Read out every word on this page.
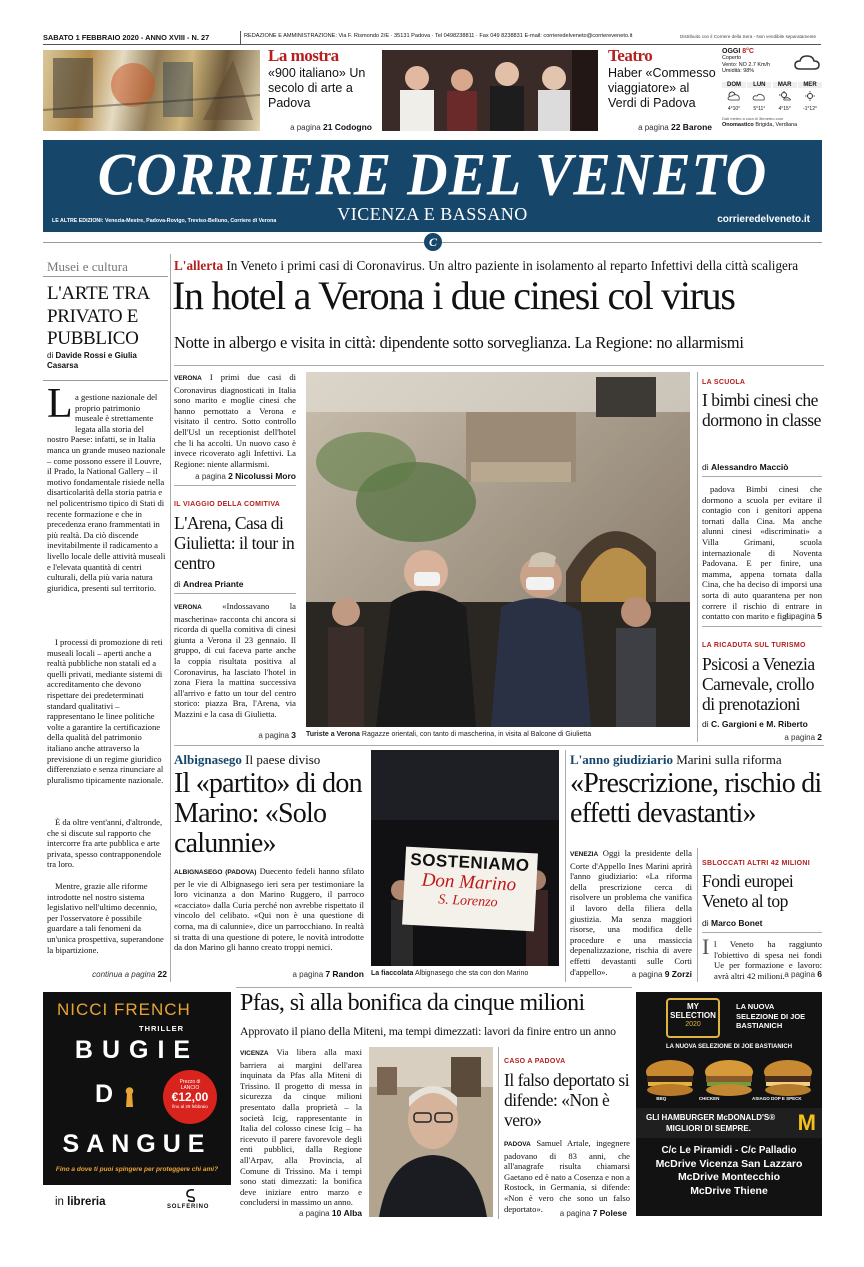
SABATO 1 FEBBRAIO 2020 - ANNO XVIII - N. 27	REDAZIONE E AMMINISTRAZIONE: Via F. Rismondo 2/E · 35131 Padova · Tel 0498238811 · Fax 049 8238831 E-mail: corrieredelveneto@corriereveneto.it	Distribuito con il Corriere della Sera - Non vendibile separatamente
La mostra
«900 italiano» Un secolo di arte a Padova
a pagina 21 Codogno
Teatro
Haber «Commesso viaggiatore» al Verdi di Padova
a pagina 22 Barone
OGGI 8°C
Coperto
Vento: NO 2.7 Km/h
Umidità: 98%
DOM
4°10°
LUN
5°11°
MAR
4°15°
MER
-1°12°
Dati meteo a cura di 3bmeteo.com
Onomastico Brigida, Verdiana
CORRIERE DEL VENETO
VICENZA E BASSANO
LE ALTRE EDIZIONI: Venezia-Mestre, Padova-Rovigo, Treviso-Belluno, Corriere di Verona	corrieredelveneto.it
C
Musei e cultura
L'ARTE TRA PRIVATO E PUBBLICO
di Davide Rossi e Giulia Casarsa
L a gestione nazionale del proprio patrimonio museale è strettamente legata alla storia del nostro Paese: infatti, se in Italia manca un grande museo nazionale – come possono essere il Louvre, il Prado, la National Gallery – il motivo fondamentale risiede nella disarticolarità della storia patria e nel policentrismo tipico di Stati di recente formazione e che in precedenza erano frammentati in più realtà. Da ciò discende inevitabilmente il radicamento a livello locale delle attività museali e l'elevata quantità di centri culturali, della più varia natura giuridica, presenti sul territorio.
I processi di promozione di reti museali locali – aperti anche a realtà pubbliche non statali ed a quelli privati, mediante sistemi di accreditamento che devono rispettare dei predeterminati standard qualitativi – rappresentano le linee politiche volte a garantire la certificazione della qualità del patrimonio italiano anche attraverso la previsione di un regime giuridico differenziato e senza rinunciare al pluralismo tipicamente nazionale.
È da oltre vent'anni, d'altronde, che si discute sul rapporto che intercorre fra arte pubblica e arte privata, spesso contrapponendole tra loro.
Mentre, grazie alle riforme introdotte nel nostro sistema legislativo nell'ultimo decennio, per l'osservatore è possibile guardare a tali fenomeni da un'unica prospettiva, superandone la bipartizione.
continua a pagina 22
L'allerta In Veneto i primi casi di Coronavirus. Un altro paziente in isolamento al reparto Infettivi della città scaligera
In hotel a Verona i due cinesi col virus
Notte in albergo e visita in città: dipendente sotto sorveglianza. La Regione: no allarmismi
VERONA I primi due casi di Coronavirus diagnosticati in Italia sono marito e moglie cinesi che hanno pernottato a Verona e visitato il centro. Sotto controllo dell'Usl un receptionist dell'hotel che li ha accolti. Un nuovo caso è invece ricoverato agli Infettivi. La Regione: niente allarmismi.
a pagina 2 Nicolussi Moro
IL VIAGGIO DELLA COMITIVA
L'Arena, Casa di Giulietta: il tour in centro
di Andrea Priante
VERONA «Indossavano la mascherina» racconta chi ancora si ricorda di quella comitiva di cinesi giunta a Verona il 23 gennaio. Il gruppo, di cui faceva parte anche la coppia risultata positiva al Coronavirus, ha lasciato l'hotel in zona Fiera la mattina successiva all'arrivo e fatto un tour del centro storico: piazza Bra, l'Arena, via Mazzini e la casa di Giulietta.
a pagina 3 Turiste a Verona Ragazze orientali, con tanto di mascherina, in visita al Balcone di Giulietta
LA SCUOLA
I bimbi cinesi che dormono in classe
di Alessandro Macciò
padova Bimbi cinesi che dormono a scuola per evitare il contagio con i genitori appena tornati dalla Cina. Ma anche alunni cinesi «discriminati» a Villa Grimani, scuola internazionale di Noventa Padovana. E per finire, una mamma, appena tornata dalla Cina, che ha deciso di imporsi una sorta di auto quarantena per non correre il rischio di entrare in contatto con marito e figli.
a pagina 5
LA RICADUTA SUL TURISMO
Psicosi a Venezia Carnevale, crollo di prenotazioni
di C. Gargioni e M. Riberto
a pagina 2
Albignasego Il paese diviso
Il «partito» di don Marino: «Solo calunnie»
ALBIGNASEGO (PADOVA) Duecento fedeli hanno sfilato per le vie di Albignasego ieri sera per testimoniare la loro vicinanza a don Marino Ruggero, il parroco «cacciato» dalla Curia perché non avrebbe rispettato il vincolo del celibato. «Qui non è una questione di corna, ma di calunnie», dice un parrocchiano. In realtà si tratta di una questione di potere, le novità introdotte da don Marino gli hanno creato troppi nemici.
a pagina 7 Randon
SOSTENIAMO
Don Marino
S. Lorenzo
La fiaccolata Albignasego che sta con don Marino
L'anno giudiziario Marini sulla riforma
«Prescrizione, rischio di effetti devastanti»
VENEZIA Oggi la presidente della Corte d'Appello Ines Marini aprirà l'anno giudiziario: «La riforma della prescrizione cerca di risolvere un problema che vanifica il lavoro della filiera della giustizia. Ma senza maggiori risorse, una modifica delle procedure e una massiccia depenalizzazione, rischia di avere effetti devastanti sulle Corti d'appello».	a pagina 9 Zorzi
SBLOCCATI ALTRI 42 MILIONI
Fondi europei Veneto al top
di Marco Bonet
I l Veneto ha raggiunto l'obiettivo di spesa nei fondi Ue per formazione e lavoro: avrà altri 42 milioni. a pagina 6
NICCI FRENCH
THRILLER
BUGIE
D	Prezzo di LANCIO
€12,00
fino al 29 febbraio
SANGUE
Fino a dove ti puoi spingere per proteggere chi ami?
in libreria	SOLFERINO
Pfas, sì alla bonifica da cinque milioni
Approvato il piano della Miteni, ma tempi dimezzati: lavori da finire entro un anno
VICENZA Via libera alla maxi barriera ai margini dell'area inquinata da Pfas alla Miteni di Trissino. Il progetto di messa in sicurezza da cinque milioni presentato dalla proprietà – la società Icig, rappresentante in Italia del colosso cinese Icig – ha ricevuto il parere favorevole degli enti pubblici, dalla Regione all'Arpav, alla Provincia, al Comune di Trissino. Ma i tempi sono stati dimezzati: la bonifica deve iniziare entro marzo e concludersi in massimo un anno.
a pagina 10 Alba
CASO A PADOVA
Il falso deportato si difende: «Non è vero»
PADOVA Samuel Artale, ingegnere padovano di 83 anni, che all'anagrafe risulta chiamarsi Gaetano ed è nato a Cosenza e non a Rostock, in Germania, si difende: «Non è vero che sono un falso deportato».	a pagina 7 Polese
MY
SELECTION
2020
LA NUOVA SELEZIONE DI JOE BASTIANICH
LA NUOVA SELEZIONE DI JOE BASTIANICH
BBQ	CHICKEN	ASIAGO DOP E SPECK
GLI HAMBURGER McDONALD'S®
MIGLIORI DI SEMPRE. M
C/c Le Piramidi - C/c Palladio
McDrive Vicenza San Lazzaro
McDrive Montecchio
McDrive Thiene
